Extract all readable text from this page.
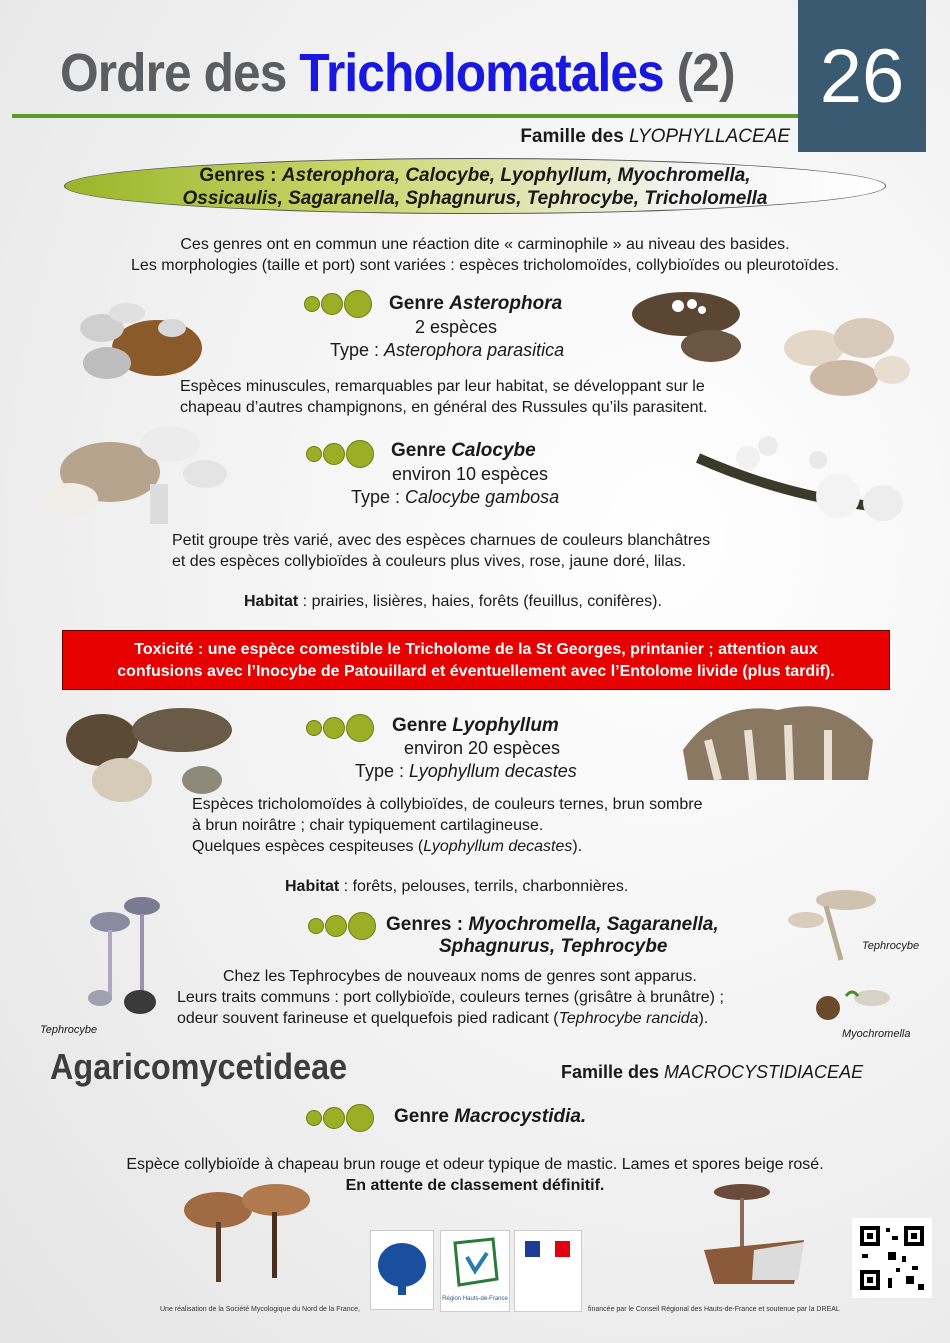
Ordre des Tricholomatales (2) 26
Famille des LYOPHYLLACEAE
Genres : Asterophora, Calocybe, Lyophyllum, Myochromella,
Ossicaulis, Sagaranella, Sphagnurus, Tephrocybe, Tricholomella
Ces genres ont en commun une réaction dite « carminophile » au niveau des basides.
Les morphologies (taille et port) sont variées : espèces tricholomoïdes, collybioïdes ou pleurotoïdes.
Genre Asterophora
2 espèces
Type : Asterophora parasitica
Espèces minuscules, remarquables par leur habitat, se développant sur le
chapeau d’autres champignons, en général des Russules qu’ils parasitent.
Genre Calocybe
environ 10 espèces
Type : Calocybe gambosa
Petit groupe très varié, avec des espèces charnues de couleurs blanchâtres
et des espèces collybioïdes à couleurs plus vives, rose, jaune doré, lilas.
Habitat : prairies, lisières, haies, forêts (feuillus, conifères).
Toxicité : une espèce comestible le Tricholome de la St Georges, printanier ; attention aux
confusions avec l’Inocybe de Patouillard et éventuellement avec l’Entolome livide (plus tardif).
Genre Lyophyllum
environ 20 espèces
Type : Lyophyllum decastes
Espèces tricholomoïdes à collybioïdes, de couleurs ternes, brun sombre
à brun noirâtre ; chair typiquement cartilagineuse.
Quelques espèces cespiteuses (Lyophyllum decastes).
Habitat : forêts, pelouses, terrils, charbonnières.
Tephrocybe
Genres : Myochromella, Sagaranella,
Sphagnurus, Tephrocybe	Tephrocybe
Myochromella
Chez les Tephrocybes de nouveaux noms de genres sont apparus.
Leurs traits communs : port collybioïde, couleurs ternes (grisâtre à brunâtre) ;
odeur souvent farineuse et quelquefois pied radicant (Tephrocybe rancida).
Agaricomycetideae	Famille des MACROCYSTIDIACEAE
Genre Macrocystidia.
Espèce collybioïde à chapeau brun rouge et odeur typique de mastic. Lames et spores beige rosé.
En attente de classement définitif.
Région Hauts-de-France
Une réalisation de la Société Mycologique du Nord de la France,	financée par le Conseil Régional des Hauts-de-France et soutenue par la DREAL
